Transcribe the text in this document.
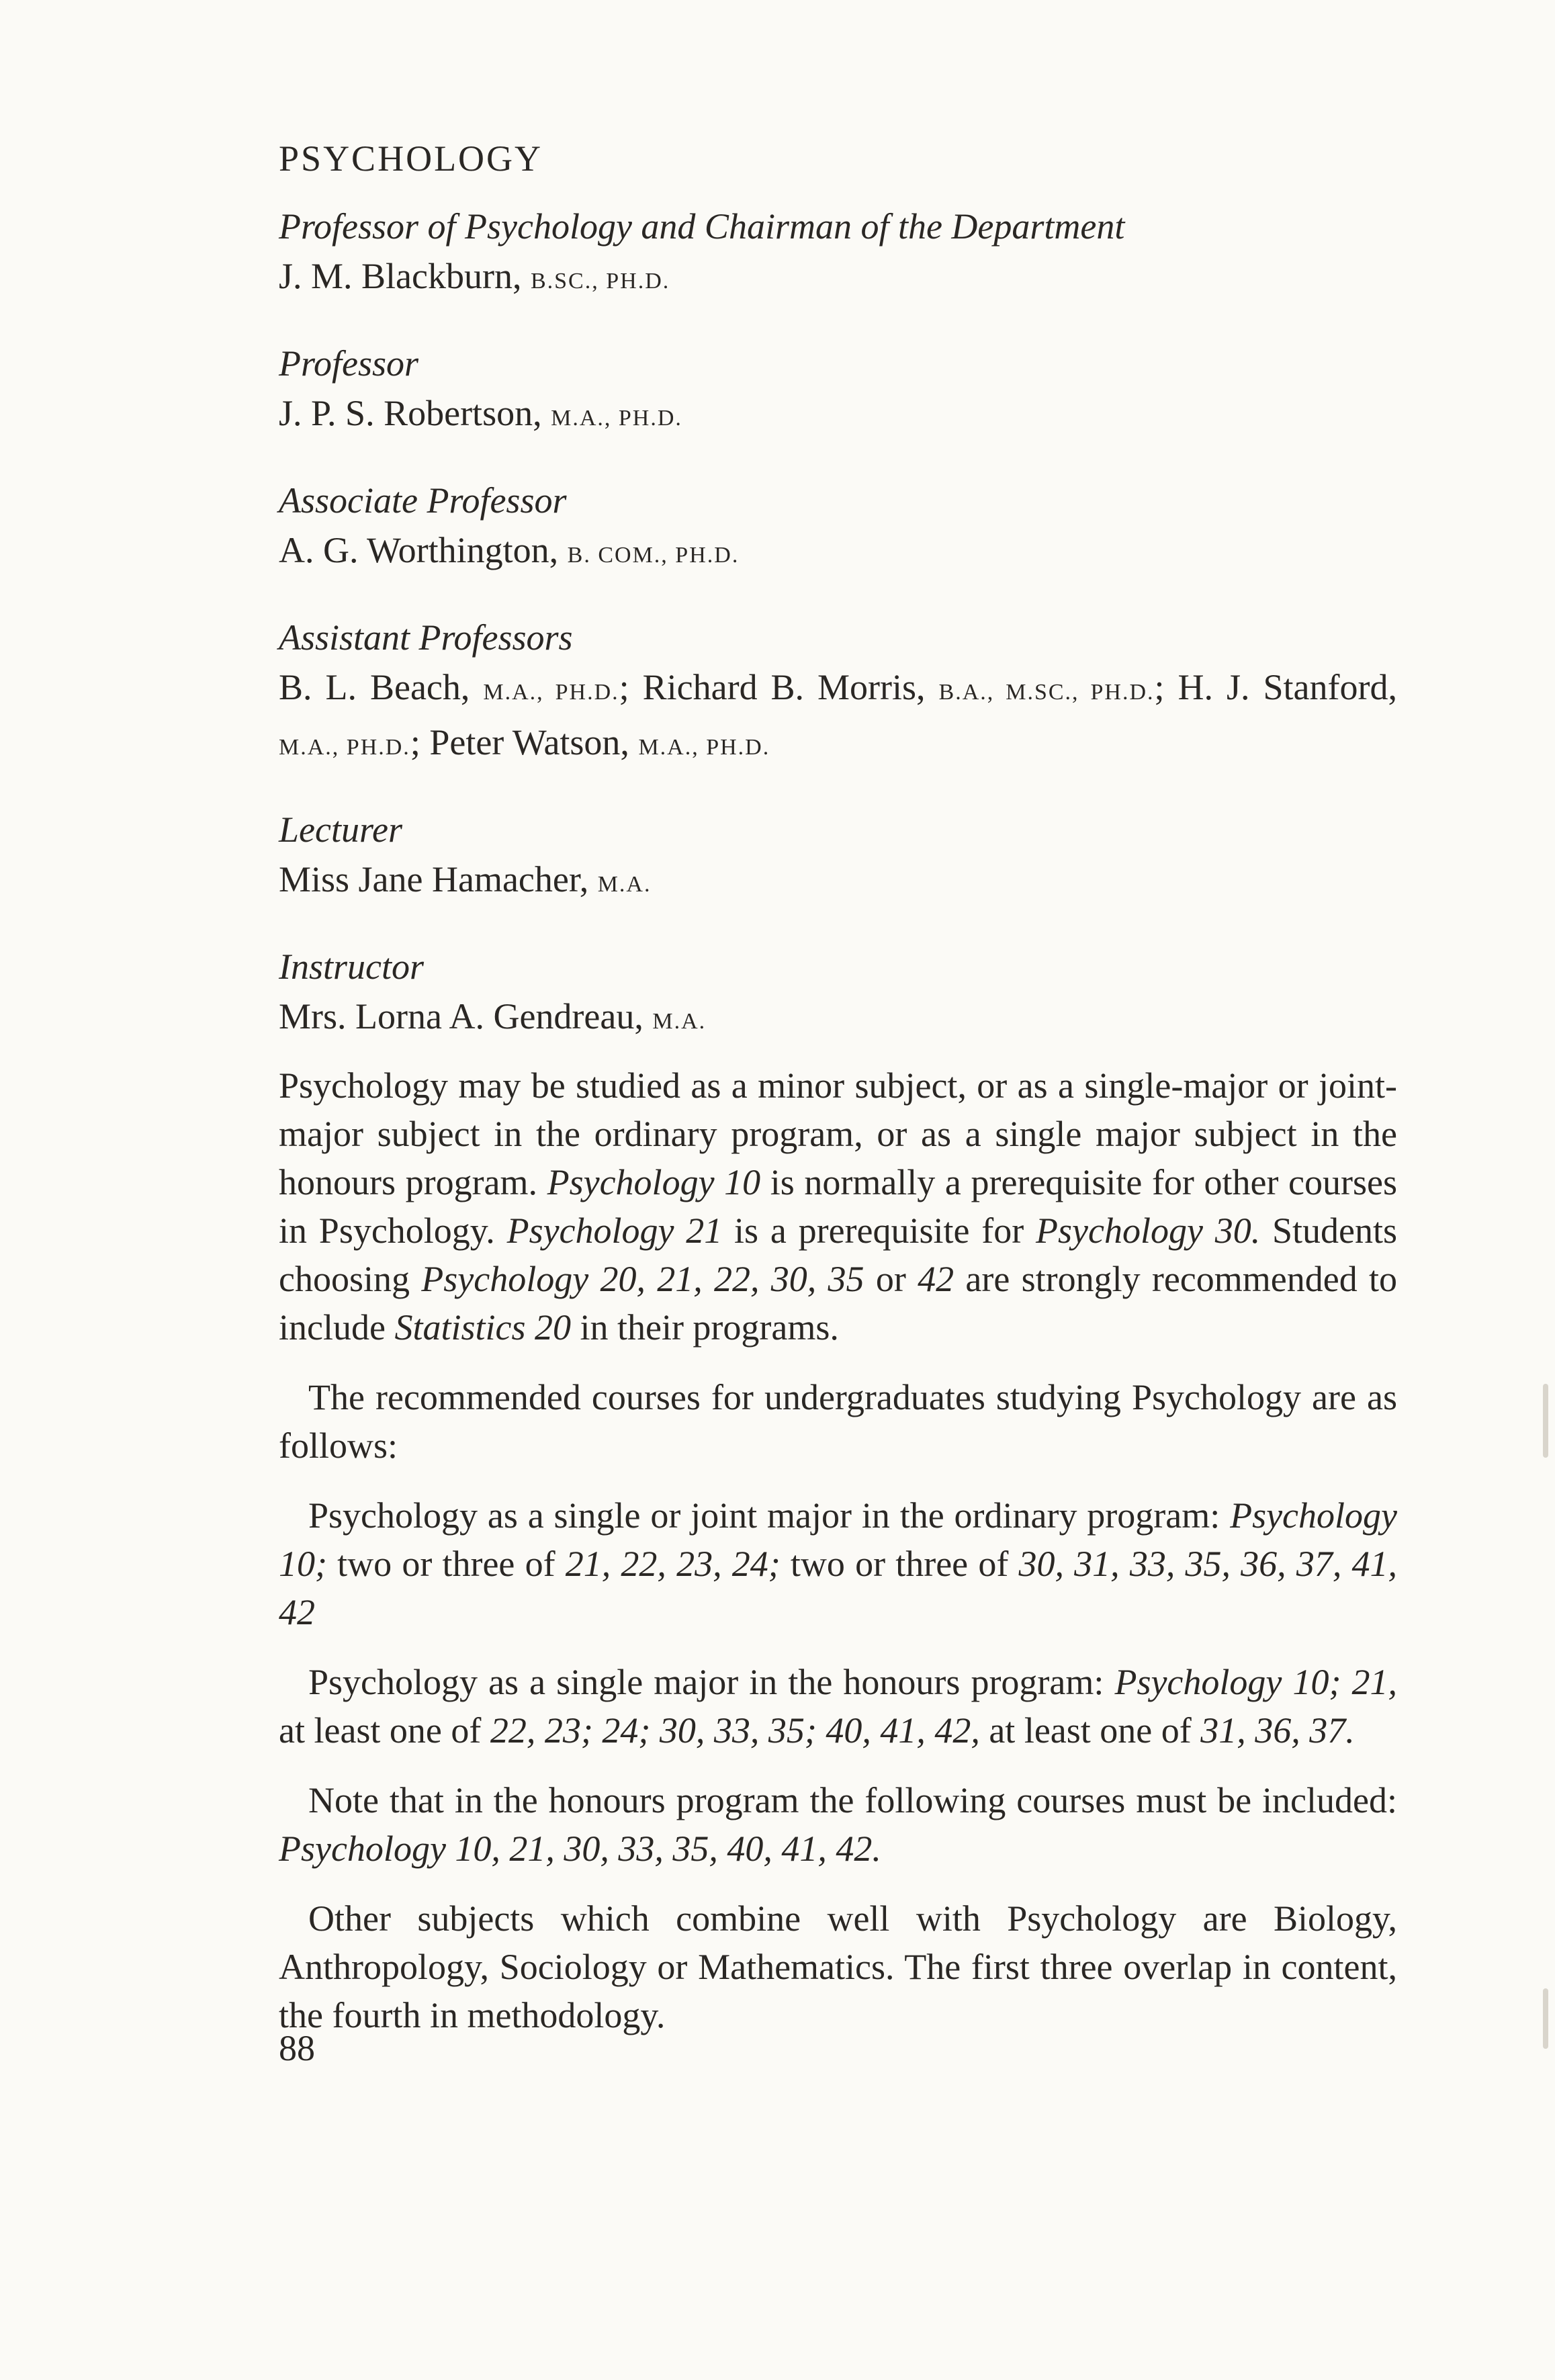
PSYCHOLOGY
Professor of Psychology and Chairman of the Department
J. M. Blackburn, B.SC., PH.D.
Professor
J. P. S. Robertson, M.A., PH.D.
Associate Professor
A. G. Worthington, B. COM., PH.D.
Assistant Professors
B. L. Beach, M.A., PH.D.; Richard B. Morris, B.A., M.SC., PH.D.; H. J. Stanford, M.A., PH.D.; Peter Watson, M.A., PH.D.
Lecturer
Miss Jane Hamacher, M.A.
Instructor
Mrs. Lorna A. Gendreau, M.A.

Psychology may be studied as a minor subject, or as a single-major or joint-major subject in the ordinary program, or as a single major subject in the honours program. Psychology 10 is normally a prerequisite for other courses in Psychology. Psychology 21 is a prerequisite for Psychology 30. Students choosing Psychology 20, 21, 22, 30, 35 or 42 are strongly recommended to include Statistics 20 in their programs.

The recommended courses for undergraduates studying Psychology are as follows:

Psychology as a single or joint major in the ordinary program: Psychology 10; two or three of 21, 22, 23, 24; two or three of 30, 31, 33, 35, 36, 37, 41, 42

Psychology as a single major in the honours program: Psychology 10; 21, at least one of 22, 23; 24; 30, 33, 35; 40, 41, 42, at least one of 31, 36, 37.

Note that in the honours program the following courses must be included: Psychology 10, 21, 30, 33, 35, 40, 41, 42.

Other subjects which combine well with Psychology are Biology, Anthropology, Sociology or Mathematics. The first three overlap in content, the fourth in methodology.

88
